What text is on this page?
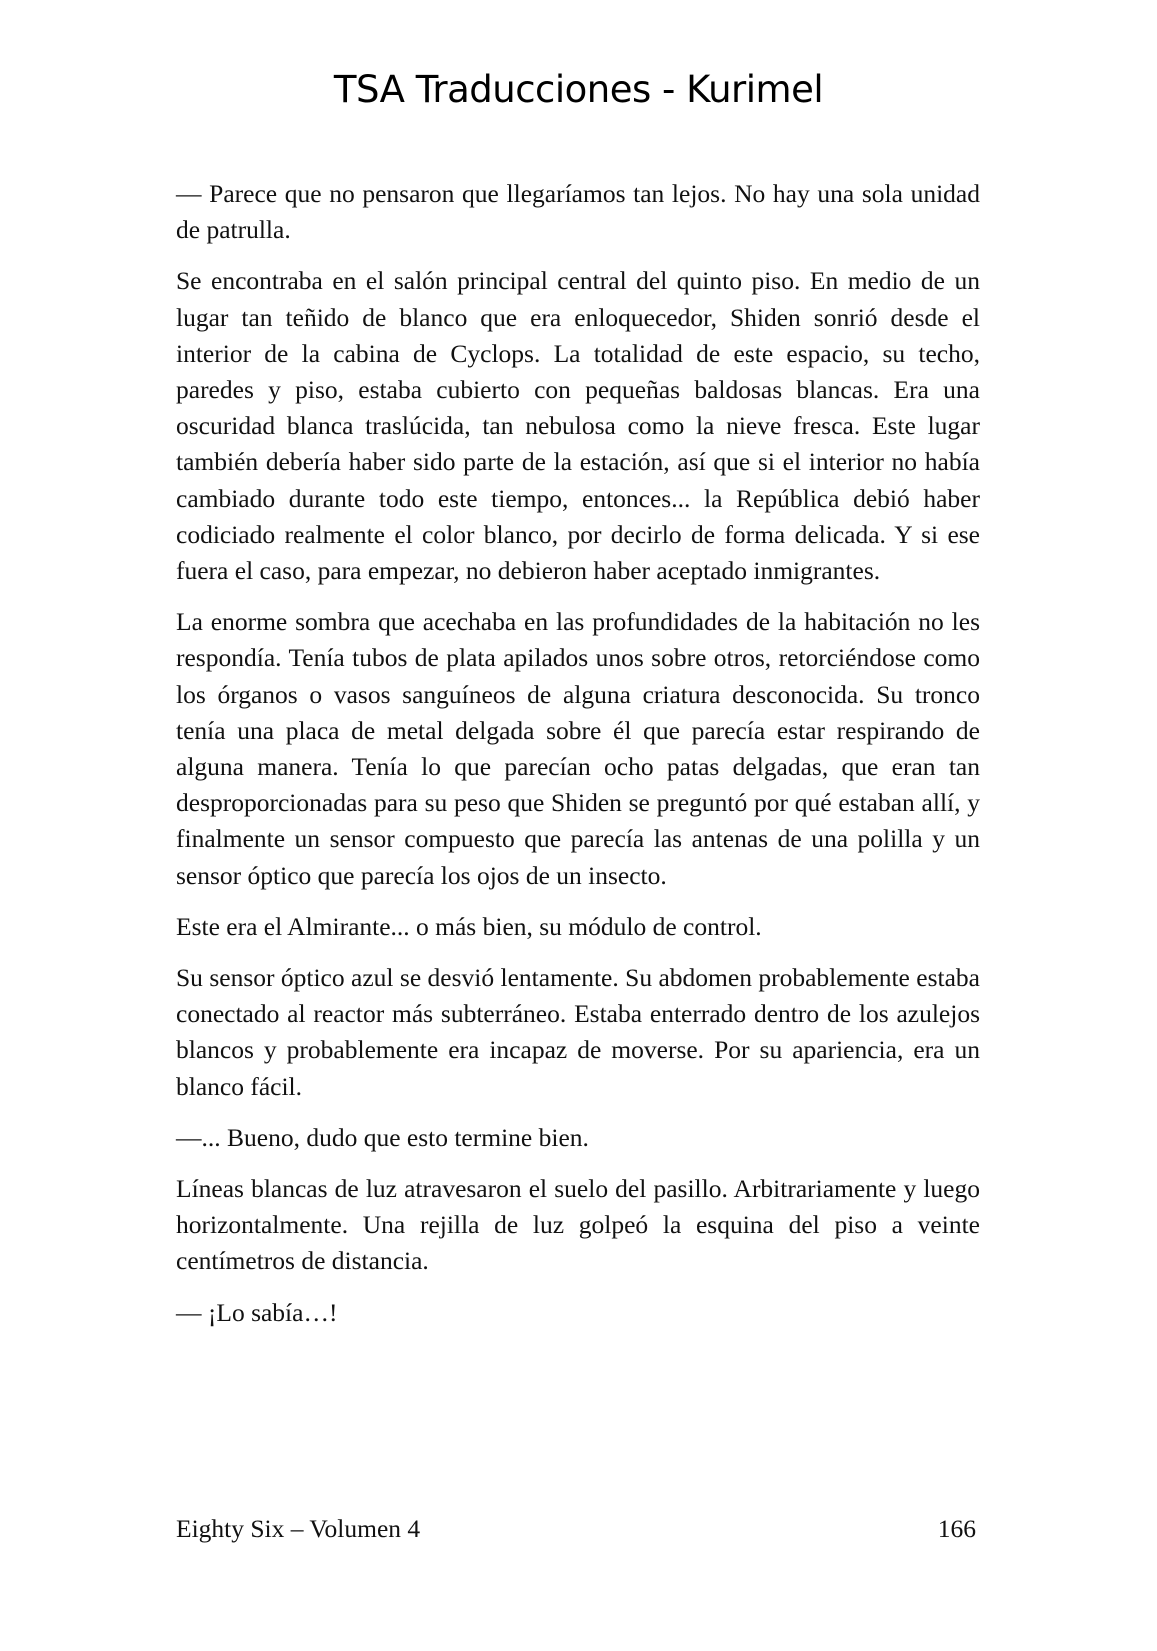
TSA Traducciones - Kurimel

— Parece que no pensaron que llegaríamos tan lejos. No hay una sola unidad de patrulla.

Se encontraba en el salón principal central del quinto piso. En medio de un lugar tan teñido de blanco que era enloquecedor, Shiden sonrió desde el interior de la cabina de Cyclops. La totalidad de este espacio, su techo, paredes y piso, estaba cubierto con pequeñas baldosas blancas. Era una oscuridad blanca traslúcida, tan nebulosa como la nieve fresca. Este lugar también debería haber sido parte de la estación, así que si el interior no había cambiado durante todo este tiempo, entonces... la República debió haber codiciado realmente el color blanco, por decirlo de forma delicada. Y si ese fuera el caso, para empezar, no debieron haber aceptado inmigrantes.

La enorme sombra que acechaba en las profundidades de la habitación no les respondía. Tenía tubos de plata apilados unos sobre otros, retorciéndose como los órganos o vasos sanguíneos de alguna criatura desconocida. Su tronco tenía una placa de metal delgada sobre él que parecía estar respirando de alguna manera. Tenía lo que parecían ocho patas delgadas, que eran tan desproporcionadas para su peso que Shiden se preguntó por qué estaban allí, y finalmente un sensor compuesto que parecía las antenas de una polilla y un sensor óptico que parecía los ojos de un insecto.

Este era el Almirante... o más bien, su módulo de control.

Su sensor óptico azul se desvió lentamente. Su abdomen probablemente estaba conectado al reactor más subterráneo. Estaba enterrado dentro de los azulejos blancos y probablemente era incapaz de moverse. Por su apariencia, era un blanco fácil.

—... Bueno, dudo que esto termine bien.

Líneas blancas de luz atravesaron el suelo del pasillo. Arbitrariamente y luego horizontalmente. Una rejilla de luz golpeó la esquina del piso a veinte centímetros de distancia.

— ¡Lo sabía…!

Eighty Six – Volumen 4	166
